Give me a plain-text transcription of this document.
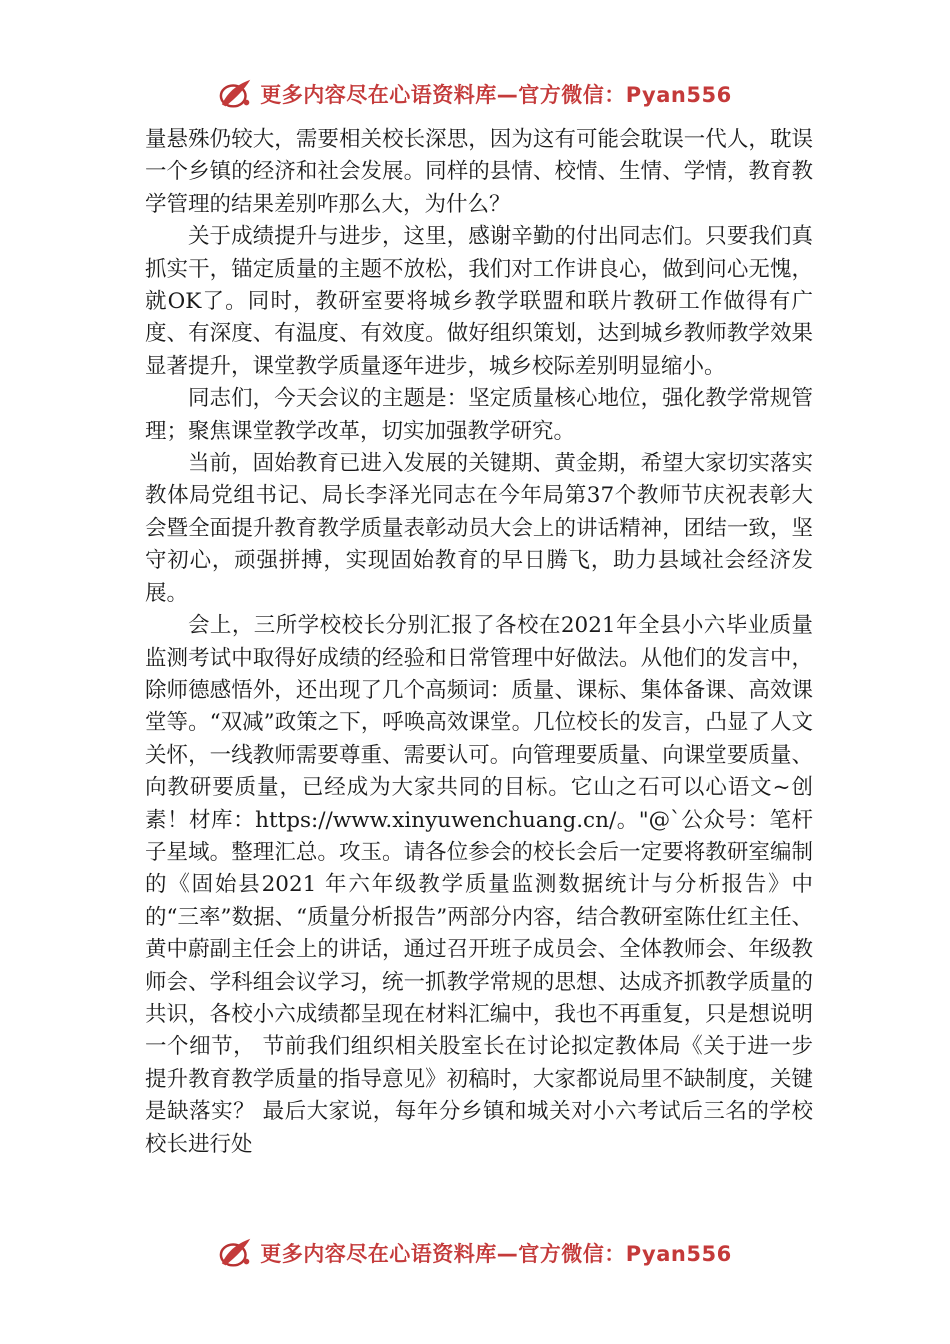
更多内容尽在心语资料库—官方微信：Pyan556

量悬殊仍较大，需要相关校长深思，因为这有可能会耽误一代人，耽误一个乡镇的经济和社会发展。同样的县情、校情、生情、学情，教育教学管理的结果差别咋那么大，为什么？

关于成绩提升与进步，这里，感谢辛勤的付出同志们。只要我们真抓实干，锚定质量的主题不放松，我们对工作讲良心，做到问心无愧，就OK了。同时，教研室要将城乡教学联盟和联片教研工作做得有广度、有深度、有温度、有效度。做好组织策划，达到城乡教师教学效果显著提升，课堂教学质量逐年进步，城乡校际差别明显缩小。

同志们，今天会议的主题是：坚定质量核心地位，强化教学常规管理；聚焦课堂教学改革，切实加强教学研究。

当前，固始教育已进入发展的关键期、黄金期，希望大家切实落实教体局党组书记、局长李泽光同志在今年局第37个教师节庆祝表彰大会暨全面提升教育教学质量表彰动员大会上的讲话精神，团结一致，坚守初心，顽强拼搏，实现固始教育的早日腾飞，助力县域社会经济发展。

会上，三所学校校长分别汇报了各校在2021年全县小六毕业质量监测考试中取得好成绩的经验和日常管理中好做法。从他们的发言中，除师德感悟外，还出现了几个高频词：质量、课标、集体备课、高效课堂等。“双减”政策之下，呼唤高效课堂。几位校长的发言，凸显了人文关怀，一线教师需要尊重、需要认可。向管理要质量、向课堂要质量、向教研要质量，已经成为大家共同的目标。它山之石可以心语文~创素！材库：https://www.xinyuwenchuang.cn/。"@`公众号：笔杆子星域。整理汇总。攻玉。请各位参会的校长会后一定要将教研室编制的《固始县2021 年六年级教学质量监测数据统计与分析报告》中的“三率”数据、“质量分析报告”两部分内容，结合教研室陈仕红主任、黄中蔚副主任会上的讲话，通过召开班子成员会、全体教师会、年级教师会、学科组会议学习，统一抓教学常规的思想、达成齐抓教学质量的共识，各校小六成绩都呈现在材料汇编中，我也不再重复，只是想说明一个细节， 节前我们组织相关股室长在讨论拟定教体局《关于进一步提升教育教学质量的指导意见》初稿时，大家都说局里不缺制度，关键是缺落实？ 最后大家说，每年分乡镇和城关对小六考试后三名的学校校长进行处

更多内容尽在心语资料库—官方微信：Pyan556
